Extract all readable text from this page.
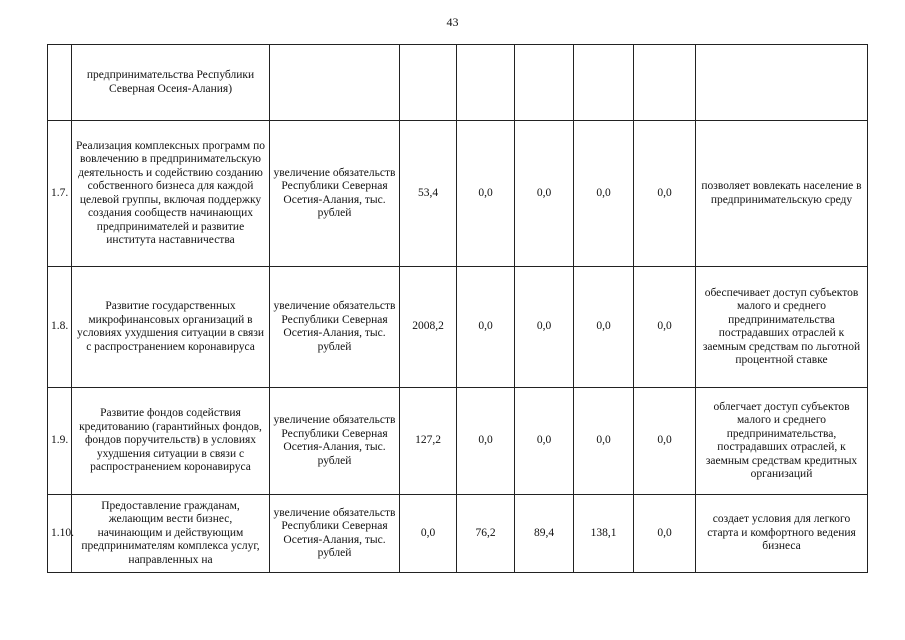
43
	предпринимательства Республики Северная Осеия-Алания)							
1.7.	Реализация комплексных программ по вовлечению в предпринимательскую деятельность и содействию созданию собственного бизнеса для каждой целевой группы, включая поддержку создания сообществ начинающих предпринимателей и развитие института наставничества	увеличение обязательств Республики Северная Осетия-Алания, тыс. рублей	53,4	0,0	0,0	0,0	0,0	позволяет вовлекать население в предпринимательскую среду
1.8.	Развитие государственных микрофинансовых организаций в условиях ухудшения ситуации в связи с распространением коронавируса	увеличение обязательств Республики Северная Осетия-Алания, тыс. рублей	2008,2	0,0	0,0	0,0	0,0	обеспечивает доступ субъектов малого и среднего предпринимательства пострадавших отраслей к заемным средствам по льготной процентной ставке
1.9.	Развитие фондов содействия кредитованию (гарантийных фондов, фондов поручительств) в условиях ухудшения ситуации в связи с распространением коронавируса	увеличение обязательств Республики Северная Осетия-Алания, тыс. рублей	127,2	0,0	0,0	0,0	0,0	облегчает доступ субъектов малого и среднего предпринимательства, пострадавших отраслей, к заемным средствам кредитных организаций
1.10.	Предоставление гражданам, желающим вести бизнес, начинающим и действующим предпринимателям комплекса услуг, направленных на	увеличение обязательств Республики Северная Осетия-Алания, тыс. рублей	0,0	76,2	89,4	138,1	0,0	создает условия для легкого старта и комфортного ведения бизнеса
